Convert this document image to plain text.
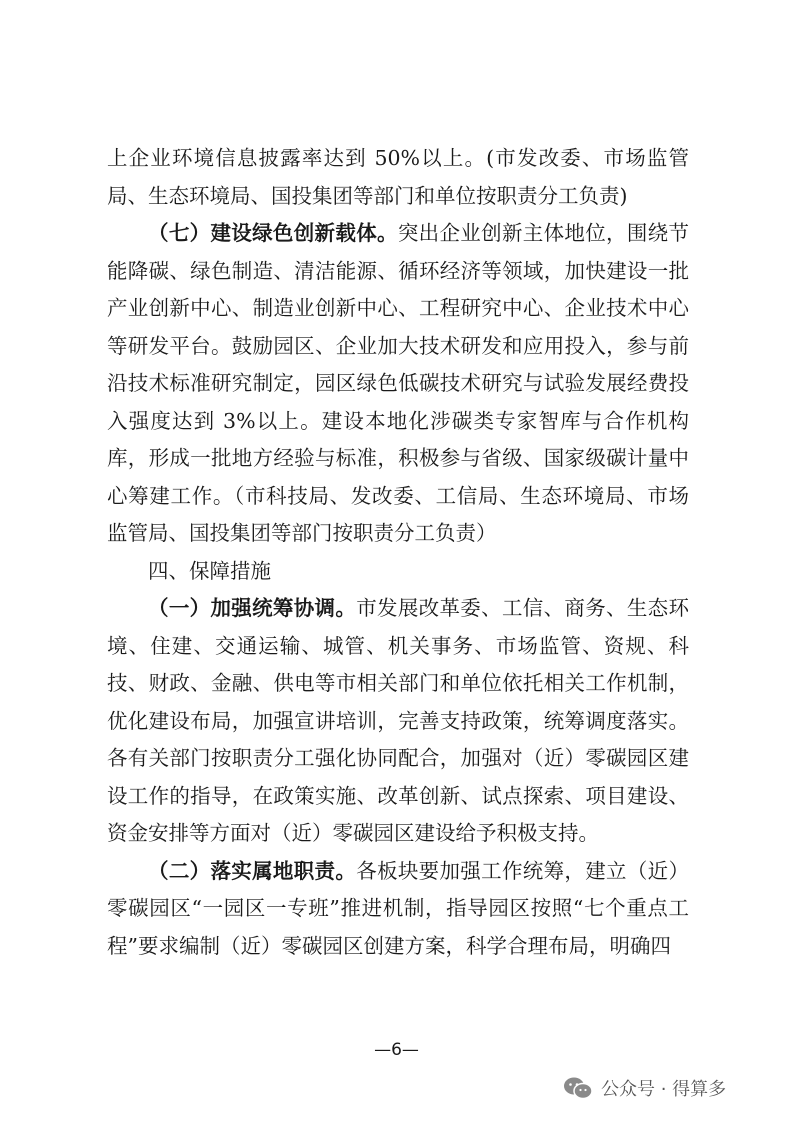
上企业环境信息披露率达到 50%以上。(市发改委、市场监管局、生态环境局、国投集团等部门和单位按职责分工负责)

（七）建设绿色创新载体。突出企业创新主体地位，围绕节能降碳、绿色制造、清洁能源、循环经济等领域，加快建设一批产业创新中心、制造业创新中心、工程研究中心、企业技术中心等研发平台。鼓励园区、企业加大技术研发和应用投入，参与前沿技术标准研究制定，园区绿色低碳技术研究与试验发展经费投入强度达到 3%以上。建设本地化涉碳类专家智库与合作机构库，形成一批地方经验与标准，积极参与省级、国家级碳计量中心筹建工作。（市科技局、发改委、工信局、生态环境局、市场监管局、国投集团等部门按职责分工负责）

四、保障措施

（一）加强统筹协调。市发展改革委、工信、商务、生态环境、住建、交通运输、城管、机关事务、市场监管、资规、科技、财政、金融、供电等市相关部门和单位依托相关工作机制，优化建设布局，加强宣讲培训，完善支持政策，统筹调度落实。各有关部门按职责分工强化协同配合，加强对（近）零碳园区建设工作的指导，在政策实施、改革创新、试点探索、项目建设、资金安排等方面对（近）零碳园区建设给予积极支持。

（二）落实属地职责。各板块要加强工作统筹，建立（近）零碳园区“一园区一专班”推进机制，指导园区按照“七个重点工程”要求编制（近）零碳园区创建方案，科学合理布局，明确四

—6—
公众号 · 得算多
